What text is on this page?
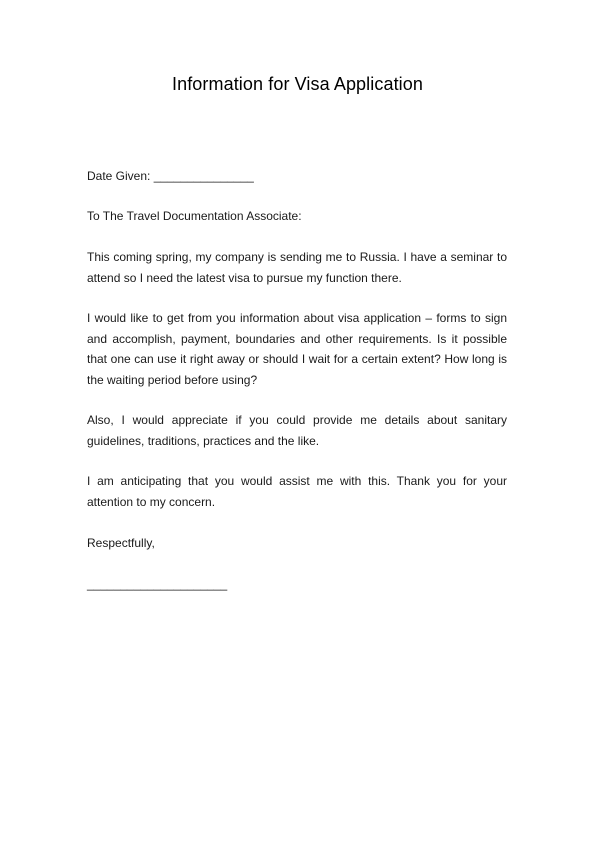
Information for Visa Application
Date Given: _______________
To The Travel Documentation Associate:
This coming spring, my company is sending me to Russia. I have a seminar to attend so I need the latest visa to pursue my function there.
I would like to get from you information about visa application – forms to sign and accomplish, payment, boundaries and other requirements. Is it possible that one can use it right away or should I wait for a certain extent? How long is the waiting period before using?
Also, I would appreciate if you could provide me details about sanitary guidelines, traditions, practices and the like.
I am anticipating that you would assist me with this. Thank you for your attention to my concern.
Respectfully,
_____________________
